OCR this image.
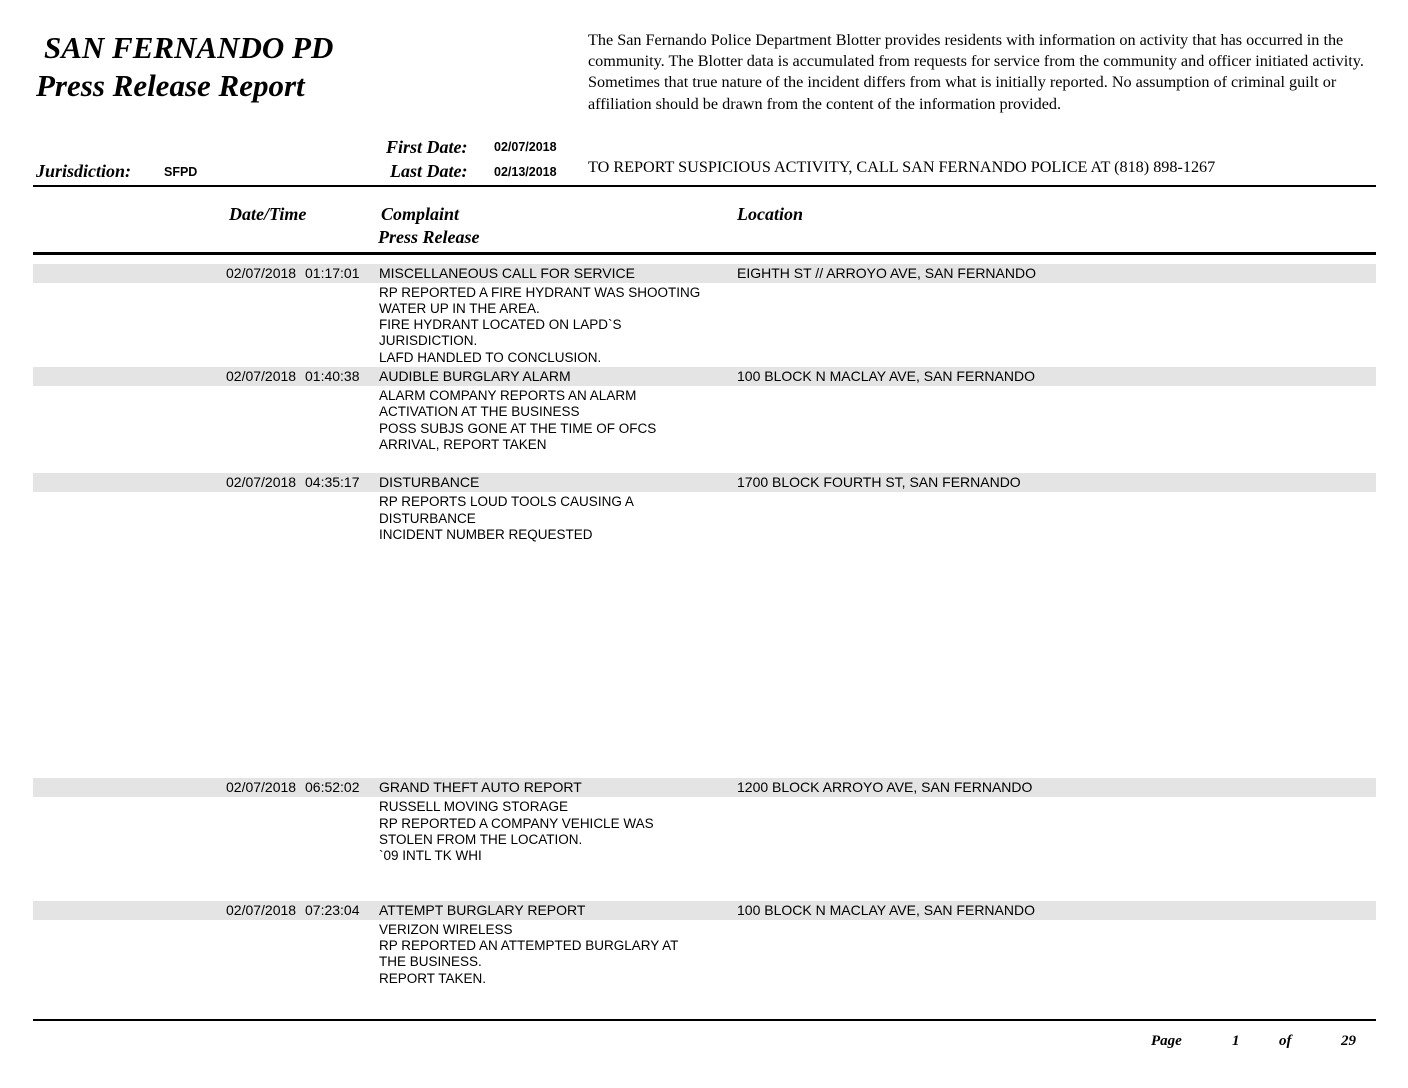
SAN FERNANDO PD
Press Release Report
The San Fernando Police Department Blotter provides residents with information on activity that has occurred in the community. The Blotter data is accumulated from requests for service from the community and officer initiated activity. Sometimes that true nature of the incident differs from what is initially reported. No assumption of criminal guilt or affiliation should be drawn from the content of the information provided.
First Date: 02/07/2018
Jurisdiction:	SFPD	Last Date: 02/13/2018 TO REPORT SUSPICIOUS ACTIVITY, CALL SAN FERNANDO POLICE AT (818) 898-1267
Date/Time	Complaint
Press Release
Location
02/07/2018 01:17:01 MISCELLANEOUS CALL FOR SERVICE	EIGHTH ST // ARROYO AVE, SAN FERNANDO
RP REPORTED A FIRE HYDRANT WAS SHOOTING
WATER UP IN THE AREA.
FIRE HYDRANT LOCATED ON LAPD`S
JURISDICTION.
LAFD HANDLED TO CONCLUSION.
02/07/2018 01:40:38 AUDIBLE BURGLARY ALARM	100 BLOCK N MACLAY AVE, SAN FERNANDO
ALARM COMPANY REPORTS AN ALARM
ACTIVATION AT THE BUSINESS
POSS SUBJS GONE AT THE TIME OF OFCS
ARRIVAL, REPORT TAKEN
02/07/2018 04:35:17 DISTURBANCE	1700 BLOCK FOURTH ST, SAN FERNANDO
RP REPORTS LOUD TOOLS CAUSING A
DISTURBANCE
INCIDENT NUMBER REQUESTED
02/07/2018 06:52:02 GRAND THEFT AUTO REPORT	1200 BLOCK ARROYO AVE, SAN FERNANDO
RUSSELL MOVING STORAGE
RP REPORTED A COMPANY VEHICLE WAS
STOLEN FROM THE LOCATION.
`09 INTL TK WHI
02/07/2018 07:23:04 ATTEMPT BURGLARY REPORT	100 BLOCK N MACLAY AVE, SAN FERNANDO
VERIZON WIRELESS
RP REPORTED AN ATTEMPTED BURGLARY AT
THE BUSINESS.
REPORT TAKEN.
Page	1	of	29
